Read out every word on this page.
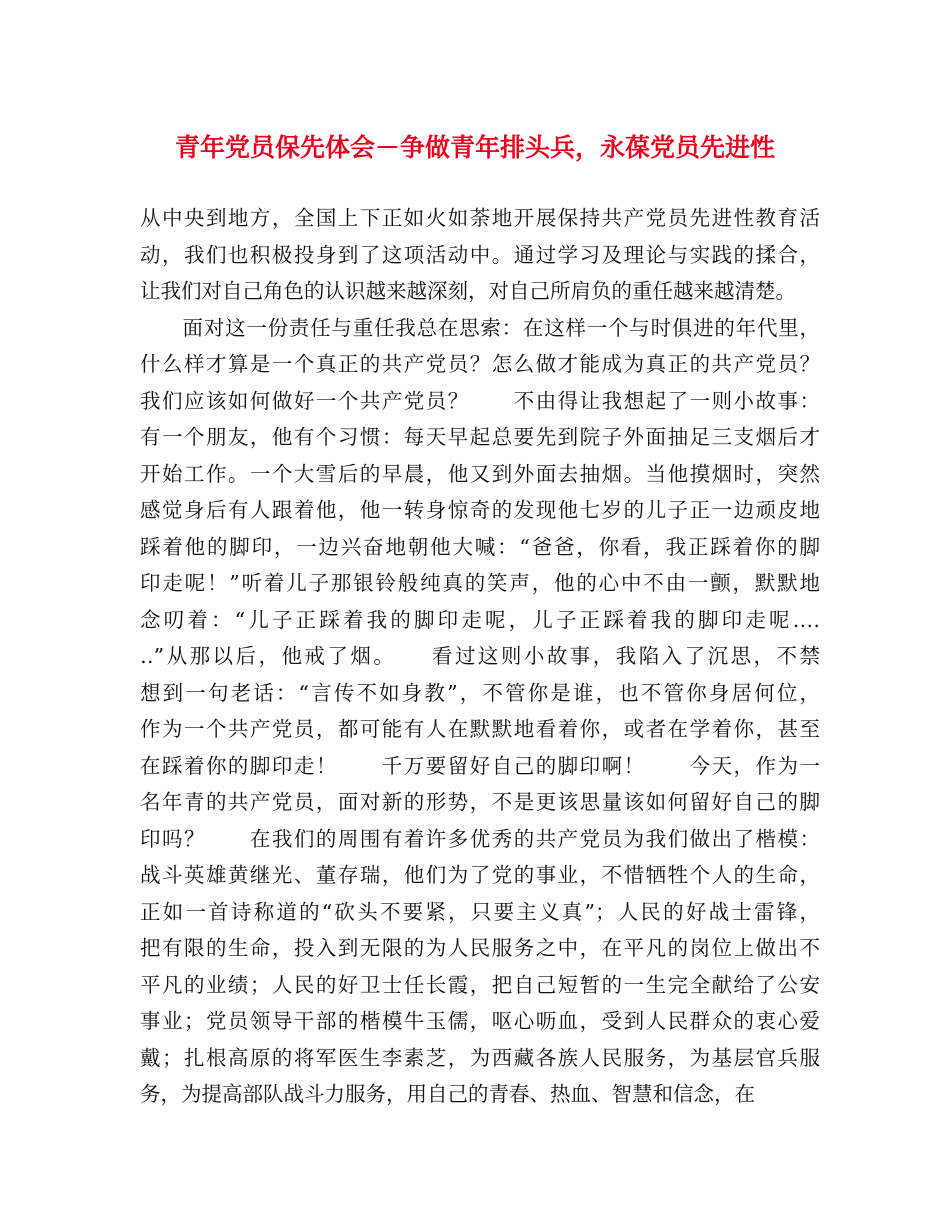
青年党员保先体会－争做青年排头兵，永葆党员先进性
从中央到地方，全国上下正如火如荼地开展保持共产党员先进性教育活
动，我们也积极投身到了这项活动中。通过学习及理论与实践的揉合，
让我们对自己角色的认识越来越深刻，对自己所肩负的重任越来越清楚。
　　面对这一份责任与重任我总在思索：在这样一个与时俱进的年代里，
什么样才算是一个真正的共产党员？怎么做才能成为真正的共产党员？
我们应该如何做好一个共产党员？　　不由得让我想起了一则小故事：
有一个朋友，他有个习惯：每天早起总要先到院子外面抽足三支烟后才
开始工作。一个大雪后的早晨，他又到外面去抽烟。当他摸烟时，突然
感觉身后有人跟着他，他一转身惊奇的发现他七岁的儿子正一边顽皮地
踩着他的脚印，一边兴奋地朝他大喊：“爸爸，你看，我正踩着你的脚
印走呢！”听着儿子那银铃般纯真的笑声，他的心中不由一颤，默默地
念叨着：“儿子正踩着我的脚印走呢，儿子正踩着我的脚印走呢‥‥
‥”从那以后，他戒了烟。　　看过这则小故事，我陷入了沉思，不禁
想到一句老话：“言传不如身教”，不管你是谁，也不管你身居何位，
作为一个共产党员，都可能有人在默默地看着你，或者在学着你，甚至
在踩着你的脚印走！　　千万要留好自己的脚印啊！　　今天，作为一
名年青的共产党员，面对新的形势，不是更该思量该如何留好自己的脚
印吗？　　在我们的周围有着许多优秀的共产党员为我们做出了楷模：
战斗英雄黄继光、董存瑞，他们为了党的事业，不惜牺牲个人的生命，
正如一首诗称道的“砍头不要紧，只要主义真”；人民的好战士雷锋，
把有限的生命，投入到无限的为人民服务之中，在平凡的岗位上做出不
平凡的业绩；人民的好卫士任长霞，把自己短暂的一生完全献给了公安
事业；党员领导干部的楷模牛玉儒，呕心呖血，受到人民群众的衷心爱
戴；扎根高原的将军医生李素芝，为西藏各族人民服务，为基层官兵服
务，为提高部队战斗力服务，用自己的青春、热血、智慧和信念，在
